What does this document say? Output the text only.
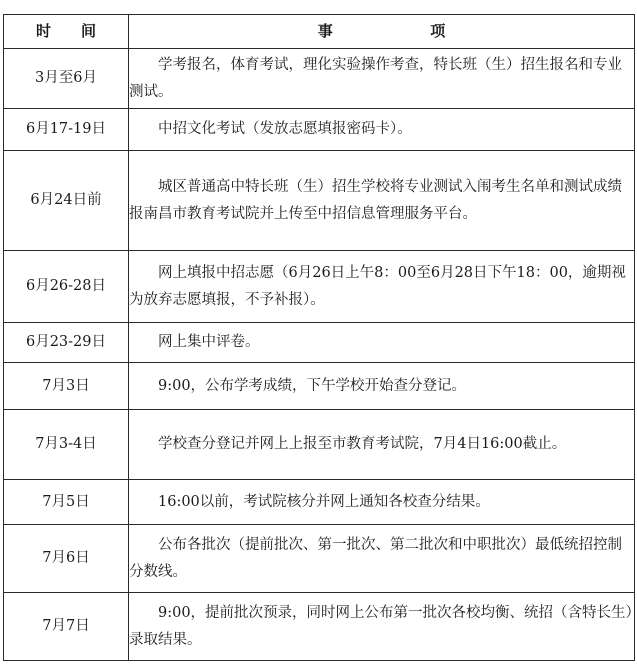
时间	事项
3月至6月	学考报名，体育考试，理化实验操作考查，特长班（生）招生报名和专业测试。
6月17-19日	中招文化考试（发放志愿填报密码卡）。
6月24日前	城区普通高中特长班（生）招生学校将专业测试入闱考生名单和测试成绩报南昌市教育考试院并上传至中招信息管理服务平台。
6月26-28日	网上填报中招志愿（6月26日上午8：00至6月28日下午18：00，逾期视为放弃志愿填报，不予补报）。
6月23-29日	网上集中评卷。
7月3日	9:00，公布学考成绩，下午学校开始查分登记。
7月3-4日	学校查分登记并网上上报至市教育考试院，7月4日16:00截止。
7月5日	16:00以前，考试院核分并网上通知各校查分结果。
7月6日	公布各批次（提前批次、第一批次、第二批次和中职批次）最低统招控制分数线。
7月7日	9:00，提前批次预录，同时网上公布第一批次各校均衡、统招（含特长生）录取结果。
